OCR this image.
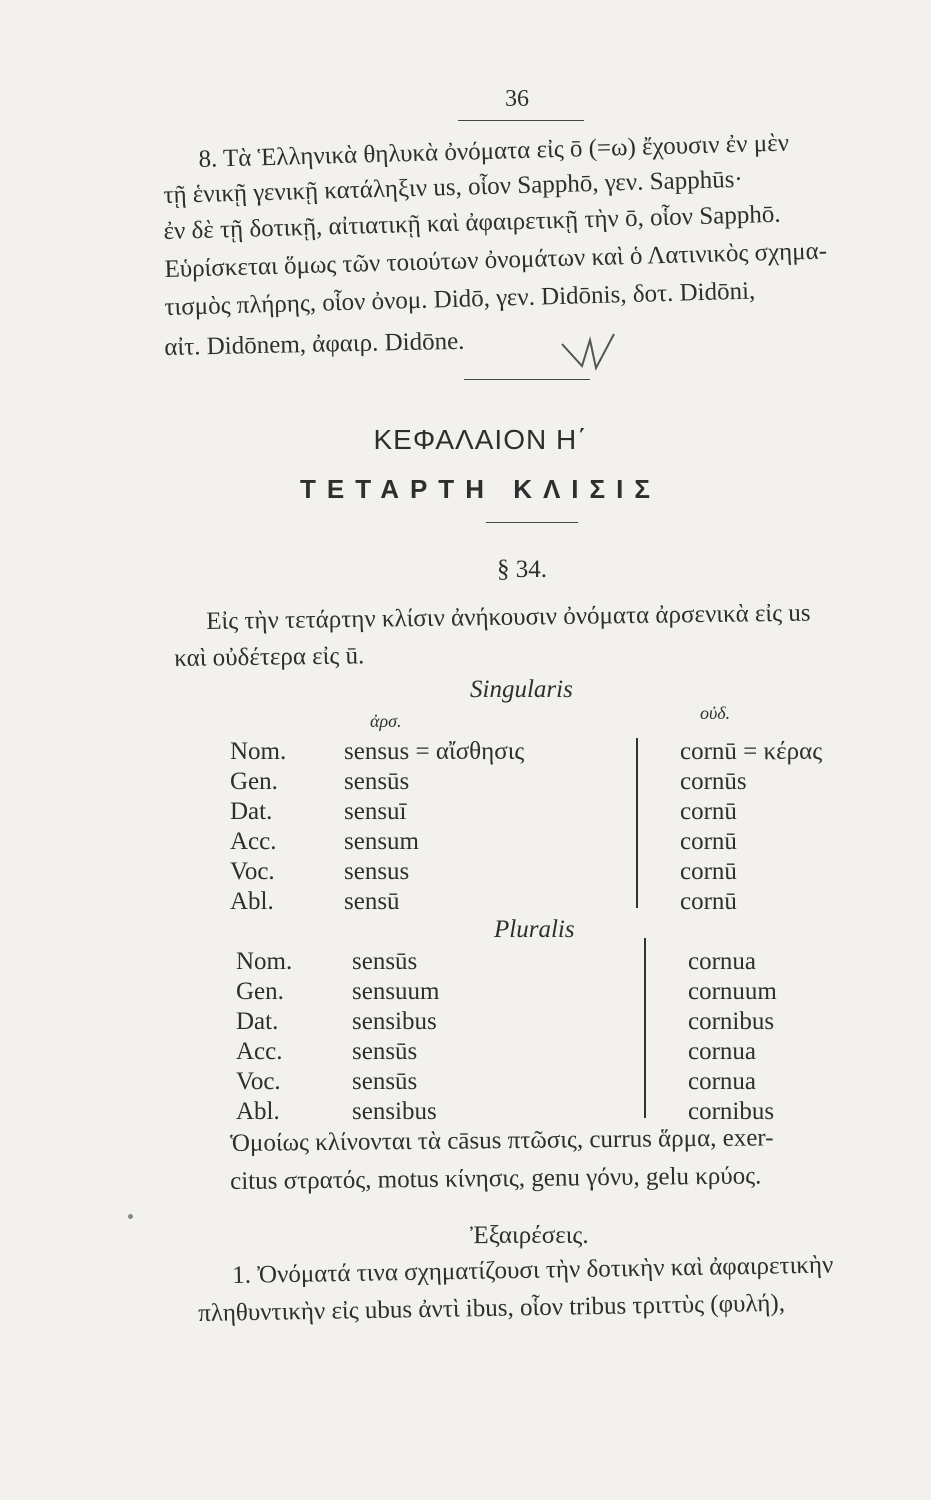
36
8. Τὰ Ἑλληνικὰ θηλυκὰ ὀνόματα εἰς ō (=ω) ἔχουσιν ἐν μὲν
τῇ ἑνικῇ γενικῇ κατάληξιν us, οἷον Sapphō, γεν. Sapphūs·
ἐν δὲ τῇ δοτικῇ, αἰτιατικῇ καὶ ἀφαιρετικῇ τὴν ō, οἷον Sapphō.
Εὑρίσκεται ὅμως τῶν τοιούτων ὀνομάτων καὶ ὁ Λατινικὸς σχημα-
τισμὸς πλήρης, οἷον ὀνομ. Didō, γεν. Didōnis, δοτ. Didōni,
αἰτ. Didōnem, ἀφαιρ. Didōne.
ΚΕΦΑΛΑΙΟΝ Η΄
ΤΕΤΑΡΤΗ ΚΛΙΣΙΣ
§ 34.
Εἰς τὴν τετάρτην κλίσιν ἀνήκουσιν ὀνόματα ἀρσενικὰ εἰς us
καὶ οὐδέτερα εἰς ū.
Singularis
ἀρσ.	οὐδ.
Nom. sensus = αἴσθησις	cornū = κέρας
Gen.	sensūs	cornūs
Dat.	sensuī	cornū
Acc.	sensum	cornū
Voc.	sensus	cornū
Abl.	sensū	cornū
Pluralis
Nom. sensūs	cornua
Gen.	sensuum	cornuum
Dat.	sensibus	cornibus
Acc.	sensūs	cornua
Voc.	sensūs	cornua
Abl.	sensibus	cornibus
Ὁμοίως κλίνονται τὰ cāsus πτῶσις, currus ἅρμα, exer-
citus στρατός, motus κίνησις, genu γόνυ, gelu κρύος.
Ἐξαιρέσεις.
1. Ὀνόματά τινα σχηματίζουσι τὴν δοτικὴν καὶ ἀφαιρετικὴν
πληθυντικὴν εἰς ubus ἀντὶ ibus, οἷον tribus τριττὺς (φυλή),
